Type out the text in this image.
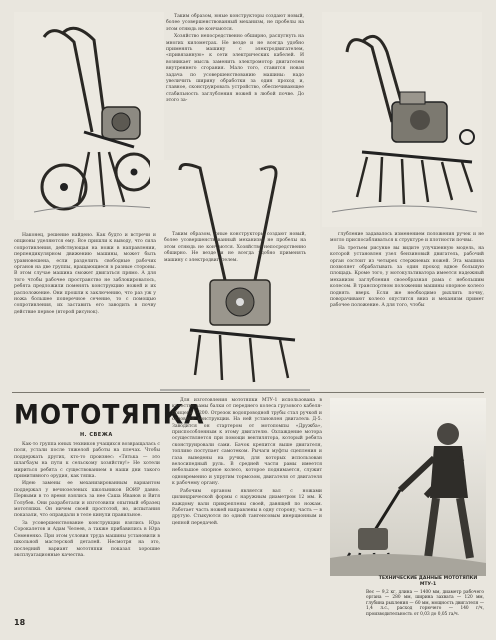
Таким образом, юные конструкторы создают новый, более усовершенствованный механизм, не пробелы на этом отнюдь не кончаются.

Хозяйство непосредственно обширно, распугнуть на многих километрах. Не везде и не всегда удобно применять машину с электродвигателем, «привязанную» к сети электрических кабелей. И возникает мысль заменить электромотор двигателем внутреннего сгорания. Мало того, ставится новая задача по усовершенствованию машины: надо увеличить ширину обработки за один проход и, главное, сконструировать устройство, обеспечивающее стабильность заглубления ножей в любой почве. До этого за-

Наконец, решение найдено. Как будто и встречи и опционы уделяются ему. Все пришли к выводу, что сила сопротивления, действующая на ножи в направлении, перпендикулярном движению машины, может быть уравновешена, если разделить свободные рабочих органов на две группы, вращающиеся в разные стороны. В этом случае машина сможет двигаться прямо. А для того чтобы рабочее пространство не заблокировалось, ребята предложили поменять конструкцию ножей и их расположение. Они прошли к заключению, что раз уж у ножа большее поперечное сечение, то с помощью сопротивления, их заставить его заводить в почву действие первое (второй рисунок).

Таким образом, юные конструкторы создают новый, более усовершенствованный механизм, не пробелы на этом отнюдь не кончаются. Хозяйство непосредственно обширно. Не везде и не всегда удобно применять машину с электродвигателем.

глубление задавалось изменением положения ручек и не могло приспосабливаться к структуре и плотности почвы.

На третьем рисунке вы видите улучшенную модель, на которой установлен узел бензиновый двигатель, рабочий орган состоит из четырех стержневых ножей. Эта машина позволяет обрабатывать за один проход вдвое большую площадь. Кроме того, у мотокультиватора имеется надежный механизм заглубления своеобразная рама с небольшим колесом. В транспортном положении машины опорное колесо поднять вверх. Если же необходимо рыхлить почву, поворачивают колесо опустится вниз и механизм примет рабочее положение. А для того, чтобы

МОТОТЯПКА
Н. СВЕЖА

Как-то группа юных техников учащихся возвращалась с поля, устали после тяжелой работы на плечах. Чтобы поддержать других, кто-то произнес: «Тятька — это шлагбаум на пути к сельскому хозяйству!» Не хотели мириться ребята с существованием в наши дни такого примитивного орудия, как тяпка.

Идею замены ее механизированным вариантом поддержал у вечнозеленых школьников ВОИР давно. Первыми в то время взялись за нее Саша Иванов и Витя Голубев. Они разработали и изготовили опытный образец мототяпки. Он ничем своей простотой, но, испытания показали, что оправдали в теле кинули правильное.

За усовершенствование конструкции взялись Юра Сорокалетов и Адам Челеев, а также прибавились в Юра Семененко. При этом условия труда машины установили в школьной мастерской деталей. Несмотря на это, последний вариант мототяпки показал хорошие эксплуатационные качества.

Для изготовления мототяпки МТУ-1 использована в качестве рамы балки от переднего колеса грузового кабеля-прицепа Т-200. Отрезок водопроводной трубы стал ручкой и основной конструкции. На ней установлен двигатель Д-5. Заводится он стартером от мотопомпы «Дружба», приспособленным к этому двигателю. Охлаждение мотора осуществляется при помощи вентилятора, который ребята сконструировали сами. Бачок крепится выше двигателя, топливо поступает самотеком. Рычаги муфты сцепления и газа выведены на ручки, для которых использован велосипедный руль. В средней части рамы имеется небольшое опорное колесо, которое поднимается, служит одновременно и упругим тормозом, двигателя от двигателя к рабочему органу.

Рабочим органом является вал с ножами цилиндрической формы с наружным диаметром 12 мм. К каждому вали прикреплены своей, давящей по ножам. Работает часть ножей направлены в одну сторону, часть — в другую. Стыкуются по одной тангенсовым инерционным и цепной передачей.

ТЕХНИЧЕСКИЕ ДАННЫЕ МОТОТЯПКИ МТУ-1
Вес — 9,2 кг, длина — 1400 мм, диаметр рабочего органа — 280 мм, ширина захвата — 120 мм, глубина рыхления — 60 мм, мощность двигателя — 1,4 л.с., расход горючего — 140 г/ч, производительность от 0,03 до 0,05 га/ч.
18
